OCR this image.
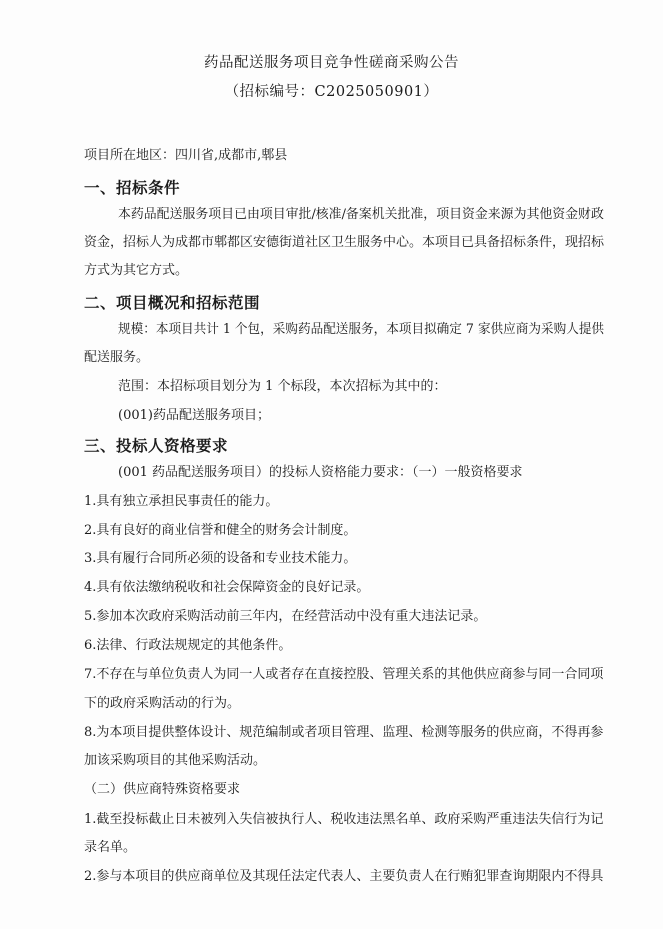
药品配送服务项目竞争性磋商采购公告
（招标编号：C2025050901）
项目所在地区：四川省,成都市,郫县
一、招标条件
本药品配送服务项目已由项目审批/核准/备案机关批准，项目资金来源为其他资金财政
资金，招标人为成都市郫都区安德街道社区卫生服务中心。本项目已具备招标条件，现招标
方式为其它方式。
二、项目概况和招标范围
规模：本项目共计 1 个包，采购药品配送服务，本项目拟确定 7 家供应商为采购人提供
配送服务。
范围：本招标项目划分为 1 个标段，本次招标为其中的：
(001)药品配送服务项目；
三、投标人资格要求
(001 药品配送服务项目）的投标人资格能力要求：（一）一般资格要求
1.具有独立承担民事责任的能力。
2.具有良好的商业信誉和健全的财务会计制度。
3.具有履行合同所必须的设备和专业技术能力。
4.具有依法缴纳税收和社会保障资金的良好记录。
5.参加本次政府采购活动前三年内，在经营活动中没有重大违法记录。
6.法律、行政法规规定的其他条件。
7.不存在与单位负责人为同一人或者存在直接控股、管理关系的其他供应商参与同一合同项
下的政府采购活动的行为。
8.为本项目提供整体设计、规范编制或者项目管理、监理、检测等服务的供应商，不得再参
加该采购项目的其他采购活动。
（二）供应商特殊资格要求
1.截至投标截止日未被列入失信被执行人、税收违法黑名单、政府采购严重违法失信行为记
录名单。
2.参与本项目的供应商单位及其现任法定代表人、主要负责人在行贿犯罪查询期限内不得具
